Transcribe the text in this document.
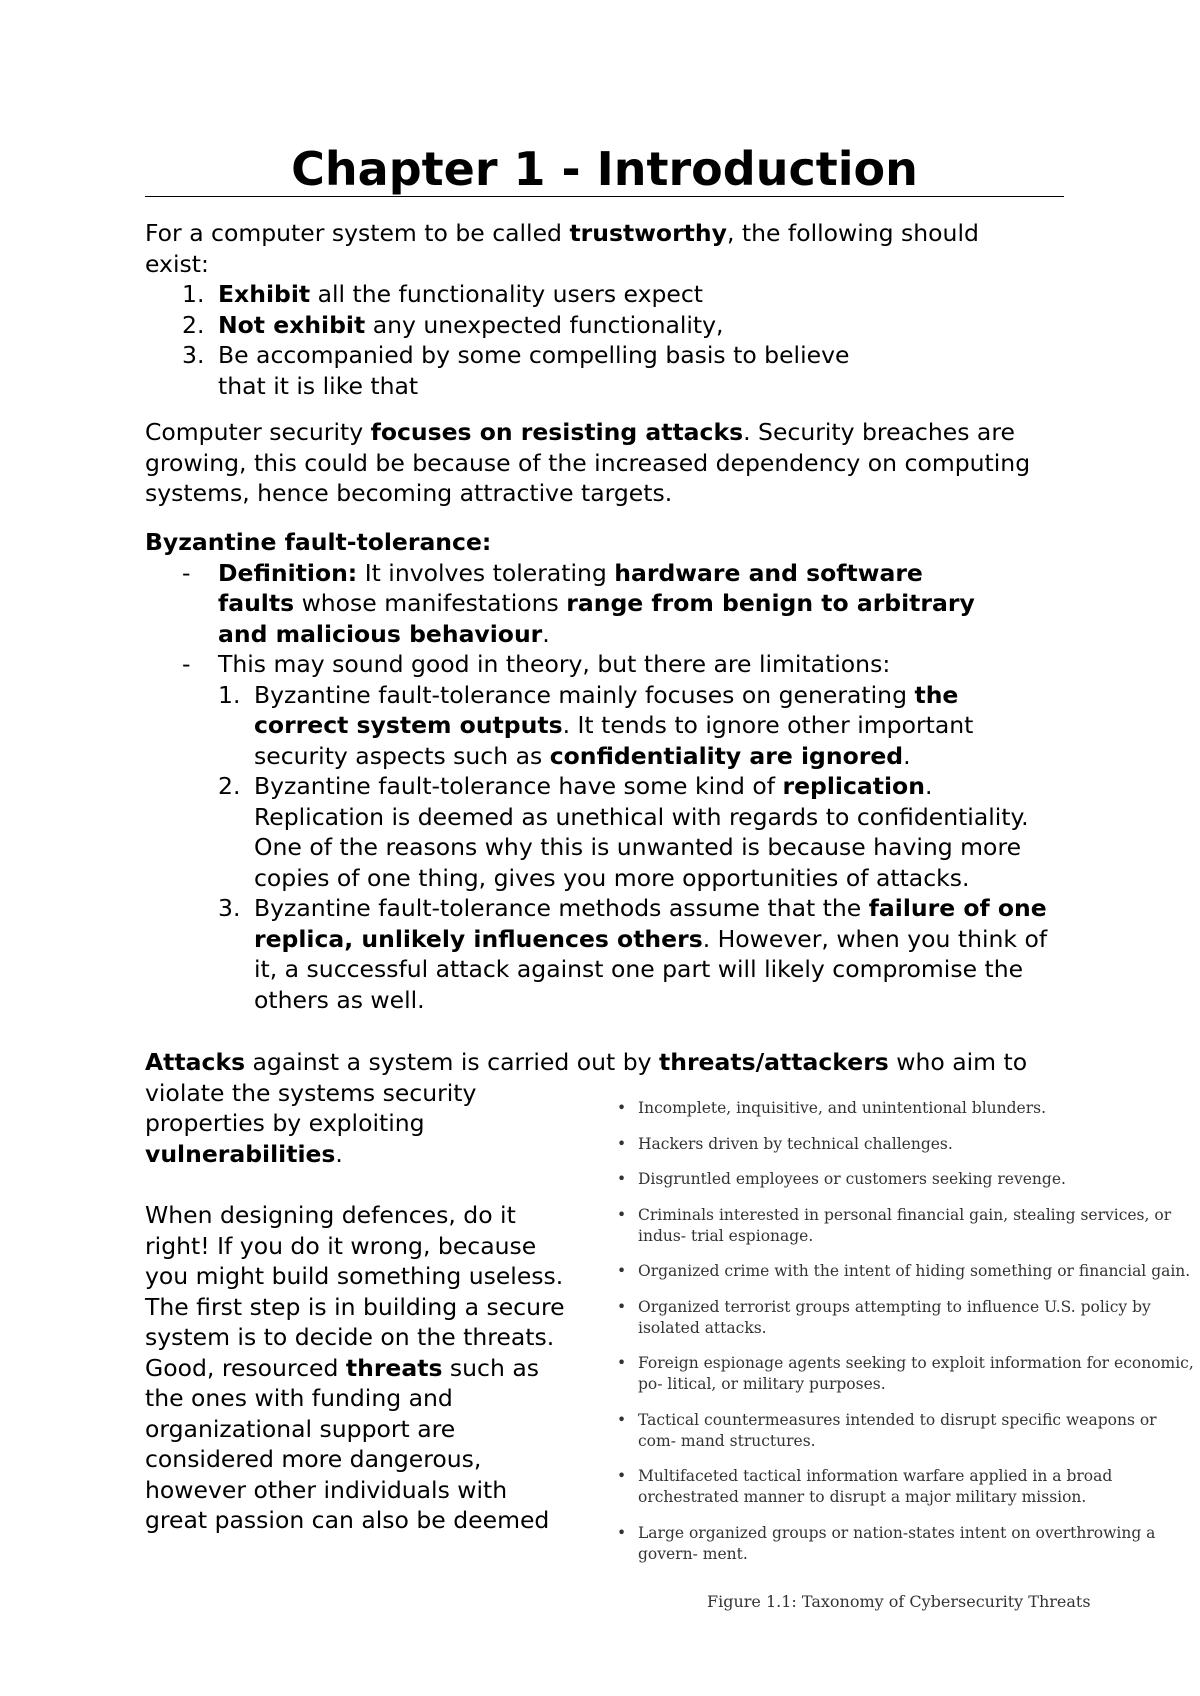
Chapter 1 - Introduction

For a computer system to be called trustworthy, the following should exist:

1. Exhibit all the functionality users expect
2. Not exhibit any unexpected functionality,
3. Be accompanied by some compelling basis to believe that it is like that

Computer security focuses on resisting attacks. Security breaches are growing, this could be because of the increased dependency on computing systems, hence becoming attractive targets.

Byzantine fault-tolerance:

- Definition: It involves tolerating hardware and software faults whose manifestations range from benign to arbitrary and malicious behaviour.
- This may sound good in theory, but there are limitations:
1. Byzantine fault-tolerance mainly focuses on generating the correct system outputs. It tends to ignore other important security aspects such as confidentiality are ignored.
2. Byzantine fault-tolerance have some kind of replication. Replication is deemed as unethical with regards to confidentiality. One of the reasons why this is unwanted is because having more copies of one thing, gives you more opportunities of attacks.
3. Byzantine fault-tolerance methods assume that the failure of one replica, unlikely influences others. However, when you think of it, a successful attack against one part will likely compromise the others as well.
Attacks against a system is carried out by threats/attackers who aim to
violate the systems security
properties by exploiting
vulnerabilities.
When designing defences, do it
right! If you do it wrong, because
you might build something useless.
The first step is in building a secure
system is to decide on the threats.
Good, resourced threats such as
the ones with funding and
organizational support are
considered more dangerous,
however other individuals with
great passion can also be deemed
• Incomplete, inquisitive, and unintentional blunders.
• Hackers driven by technical challenges.
• Disgruntled employees or customers seeking revenge.
• Criminals interested in personal financial gain, stealing services, or indus- trial espionage.
• Organized crime with the intent of hiding something or financial gain.
• Organized terrorist groups attempting to influence U.S. policy by isolated attacks.
• Foreign espionage agents seeking to exploit information for economic, po- litical, or military purposes.
• Tactical countermeasures intended to disrupt specific weapons or com- mand structures.
• Multifaceted tactical information warfare applied in a broad orchestrated manner to disrupt a major military mission.
• Large organized groups or nation-states intent on overthrowing a govern- ment.
Figure 1.1: Taxonomy of Cybersecurity Threats
